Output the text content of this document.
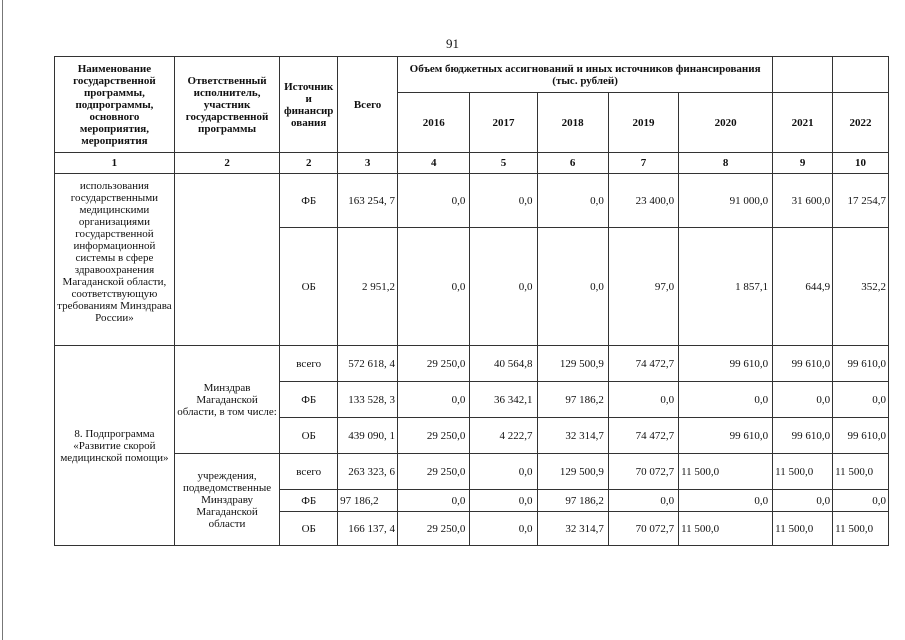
91
Наименование государственной программы, подпрограммы, основного мероприятия, мероприятия	Ответственный исполнитель, участник государственной программы	Источник и финансир ования	Всего	Объем бюджетных ассигнований и иных источников финансирования (тыс. рублей)						
				2016	2017	2018	2019	2020	2021	2022
1	2	2	3	4	5	6	7	8	9	10
использования государственными медицинскими организациями государственной информационной системы в сфере здравоохранения Магаданской области, соответствующую требованиям Минздрава России»		ФБ	163 254, 7	0,0	0,0	0,0	23 400,0	91 000,0	31 600,0	17 254,7
		ОБ	2 951,2	0,0	0,0	0,0	97,0	1 857,1	644,9	352,2
8. Подпрограмма «Развитие скорой медицинской помощи»	Минздрав Магаданской области, в том числе:	всего	572 618, 4	29 250,0	40 564,8	129 500,9	74 472,7	99 610,0	99 610,0	99 610,0
		ФБ	133 528, 3	0,0	36 342,1	97 186,2	0,0	0,0	0,0	0,0
		ОБ	439 090, 1	29 250,0	4 222,7	32 314,7	74 472,7	99 610,0	99 610,0	99 610,0
	учреждения, подведомственные Минздраву Магаданской области	всего	263 323, 6	29 250,0	0,0	129 500,9	70 072,7	11 500,0	11 500,0	11 500,0
		ФБ	97 186,2	0,0	0,0	97 186,2	0,0	0,0	0,0	0,0
		ОБ	166 137, 4	29 250,0	0,0	32 314,7	70 072,7	11 500,0	11 500,0	11 500,0
